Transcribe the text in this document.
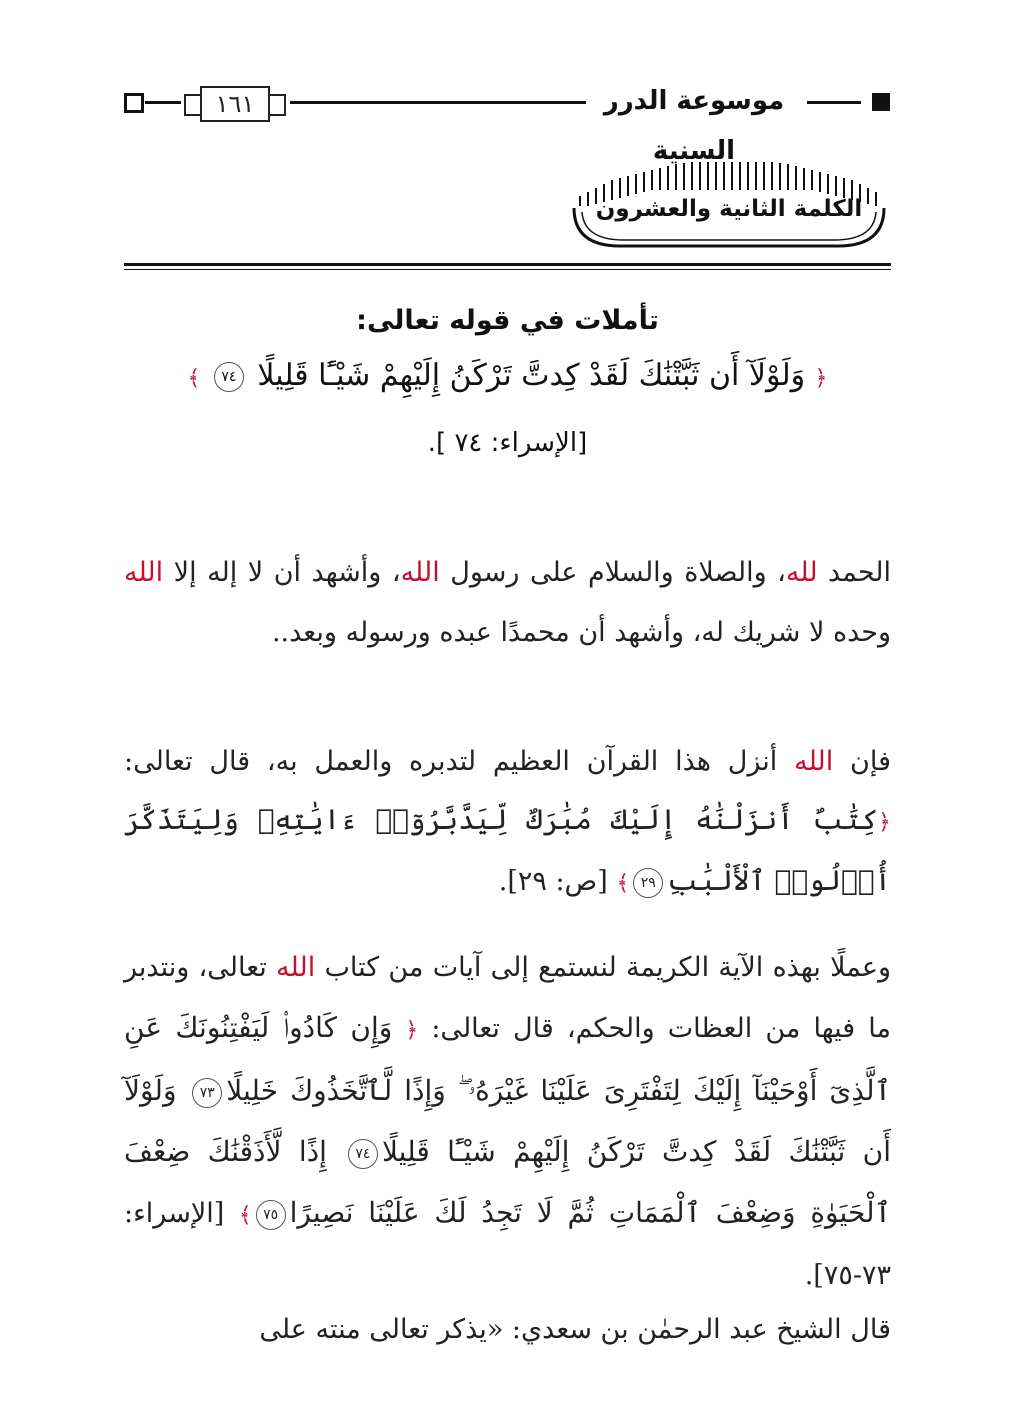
١٦١	موسوعة الدرر السنية
الكلمة الثانية والعشرون
تأملات في قوله تعالى:
﴿ وَلَوْلَآ أَن ثَبَّتْنَٰكَ لَقَدْ كِدتَّ تَرْكَنُ إِلَيْهِمْ شَيْـًٔا قَلِيلًا ٧٤ ﴾
[الإسراء: ٧٤ ].
الحمد لله، والصلاة والسلام على رسول الله، وأشهد أن لا إله إلا الله وحده لا شريك له، وأشهد أن محمدًا عبده ورسوله وبعد..
فإن الله أنزل هذا القرآن العظيم لتدبره والعمل به، قال تعالى: ﴿كِتَٰبٌ أَنزَلْنَٰهُ إِلَيْكَ مُبَٰرَكٌ لِّيَدَّبَّرُوٓا۟ ءَايَٰتِهِۦ وَلِيَتَذَكَّرَ أُو۟لُوا۟ ٱلْأَلْبَٰبِ٢٩﴾ [ص: ٢٩].
وعملًا بهذه الآية الكريمة لنستمع إلى آيات من كتاب الله تعالى، ونتدبر ما فيها من العظات والحكم، قال تعالى: ﴿ وَإِن كَادُوا۟ لَيَفْتِنُونَكَ عَنِ ٱلَّذِىٓ أَوْحَيْنَآ إِلَيْكَ لِتَفْتَرِىَ عَلَيْنَا غَيْرَهُۥ ۖ وَإِذًا لَّٱتَّخَذُوكَ خَلِيلًا٧٣ وَلَوْلَآ أَن ثَبَّتْنَٰكَ لَقَدْ كِدتَّ تَرْكَنُ إِلَيْهِمْ شَيْـًٔا قَلِيلًا٧٤ إِذًا لَّأَذَقْنَٰكَ ضِعْفَ ٱلْحَيَوٰةِ وَضِعْفَ ٱلْمَمَاتِ ثُمَّ لَا تَجِدُ لَكَ عَلَيْنَا نَصِيرًا٧٥﴾ [الإسراء: ٧٣-٧٥].
قال الشيخ عبد الرحمٰن بن سعدي: «يذكر تعالى منته على
